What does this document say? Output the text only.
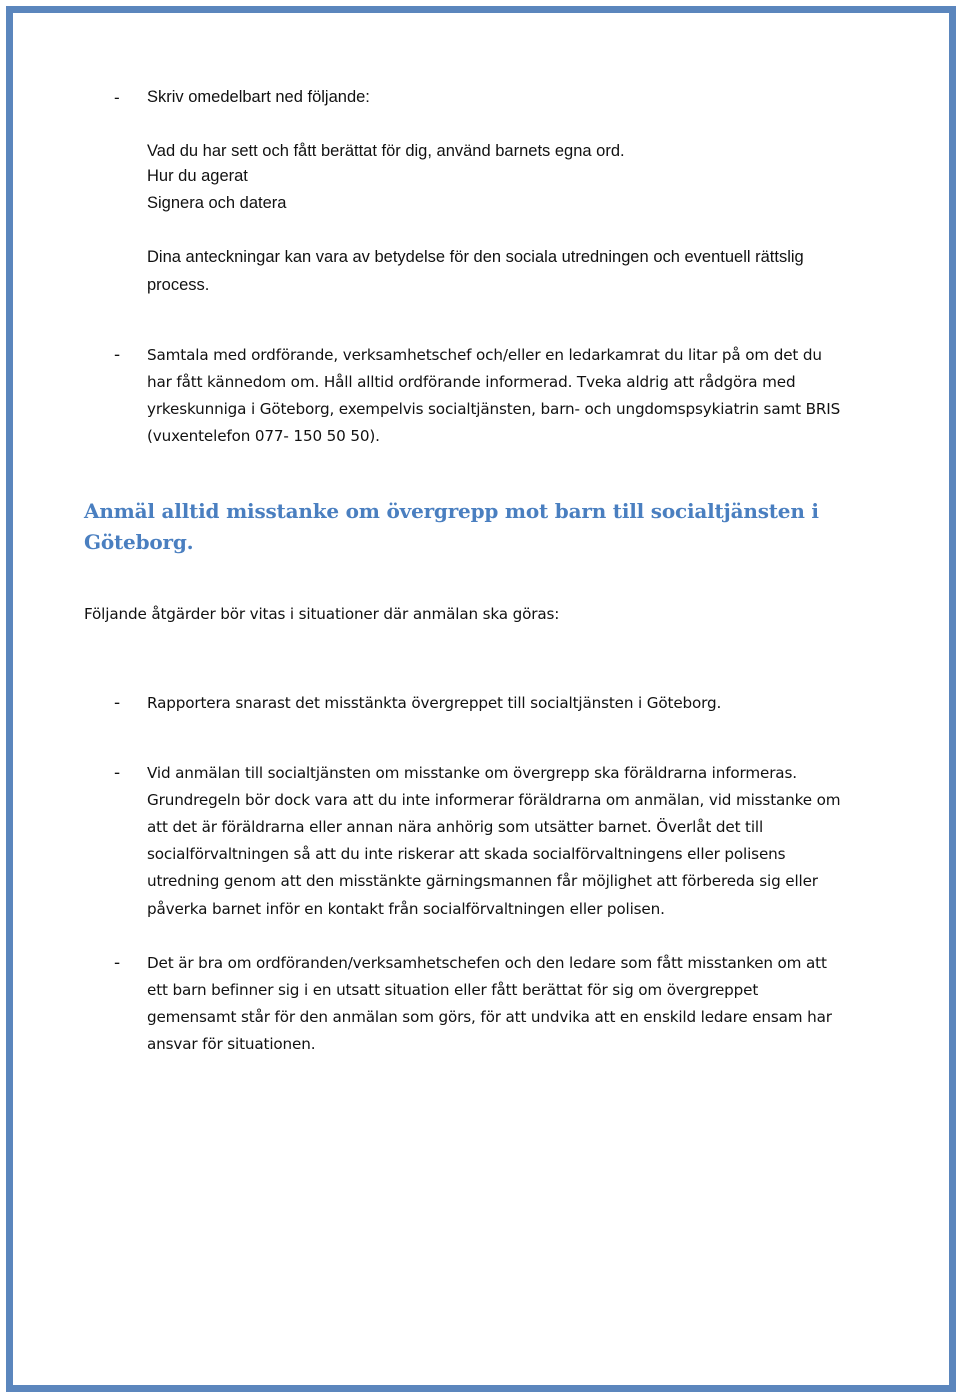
- Skriv omedelbart ned följande:
Vad du har sett och fått berättat för dig, använd barnets egna ord.
Hur du agerat
Signera och datera
Dina anteckningar kan vara av betydelse för den sociala utredningen och eventuell rättslig
process.
- Samtala med ordförande, verksamhetschef och/eller en ledarkamrat du litar på om det du
har fått kännedom om. Håll alltid ordförande informerad. Tveka aldrig att rådgöra med
yrkeskunniga i Göteborg, exempelvis socialtjänsten, barn- och ungdomspsykiatrin samt BRIS
(vuxentelefon 077- 150 50 50).
Anmäl alltid misstanke om övergrepp mot barn till socialtjänsten i
Göteborg.
Följande åtgärder bör vitas i situationer där anmälan ska göras:
- Rapportera snarast det misstänkta övergreppet till socialtjänsten i Göteborg.
- Vid anmälan till socialtjänsten om misstanke om övergrepp ska föräldrarna informeras.
Grundregeln bör dock vara att du inte informerar föräldrarna om anmälan, vid misstanke om
att det är föräldrarna eller annan nära anhörig som utsätter barnet. Överlåt det till
socialförvaltningen så att du inte riskerar att skada socialförvaltningens eller polisens
utredning genom att den misstänkte gärningsmannen får möjlighet att förbereda sig eller
påverka barnet inför en kontakt från socialförvaltningen eller polisen.
- Det är bra om ordföranden/verksamhetschefen och den ledare som fått misstanken om att
ett barn befinner sig i en utsatt situation eller fått berättat för sig om övergreppet
gemensamt står för den anmälan som görs, för att undvika att en enskild ledare ensam har
ansvar för situationen.
